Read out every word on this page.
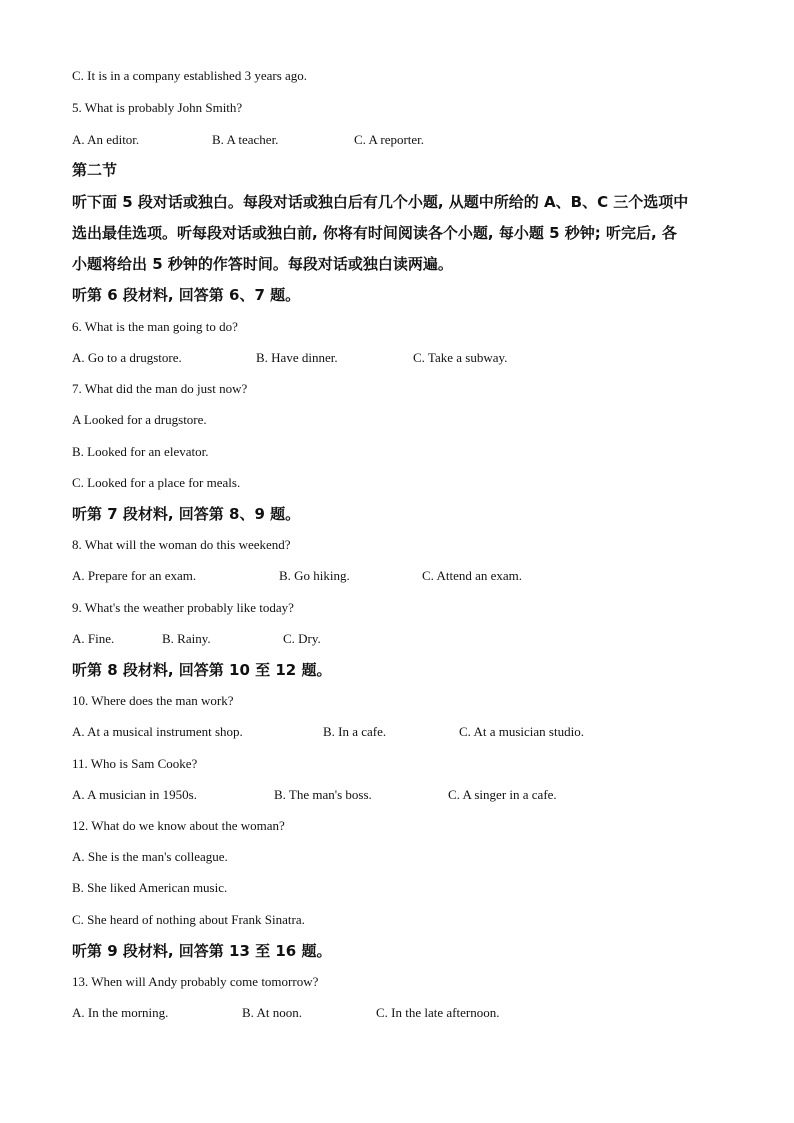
C. It is in a company established 3 years ago.
5. What is probably John Smith?
A. An editor.	B. A teacher.	C. A reporter.
第二节
听下面 5 段对话或独白。每段对话或独白后有几个小题, 从题中所给的 A、B、C 三个选项中
选出最佳选项。听每段对话或独白前, 你将有时间阅读各个小题, 每小题 5 秒钟; 听完后, 各
小题将给出 5 秒钟的作答时间。每段对话或独白读两遍。
听第 6 段材料, 回答第 6、7 题。
6. What is the man going to do?
A. Go to a drugstore.	B. Have dinner.	C. Take a subway.
7. What did the man do just now?
A Looked for a drugstore.
B. Looked for an elevator.
C. Looked for a place for meals.
听第 7 段材料, 回答第 8、9 题。
8. What will the woman do this weekend?
A. Prepare for an exam.	B. Go hiking.	C. Attend an exam.
9. What's the weather probably like today?
A. Fine.	B. Rainy.	C. Dry.
听第 8 段材料, 回答第 10 至 12 题。
10. Where does the man work?
A. At a musical instrument shop.	B. In a cafe.	C. At a musician studio.
11. Who is Sam Cooke?
A. A musician in 1950s.	B. The man's boss.	C. A singer in a cafe.
12. What do we know about the woman?
A. She is the man's colleague.
B. She liked American music.
C. She heard of nothing about Frank Sinatra.
听第 9 段材料, 回答第 13 至 16 题。
13. When will Andy probably come tomorrow?
A. In the morning.	B. At noon.	C. In the late afternoon.
